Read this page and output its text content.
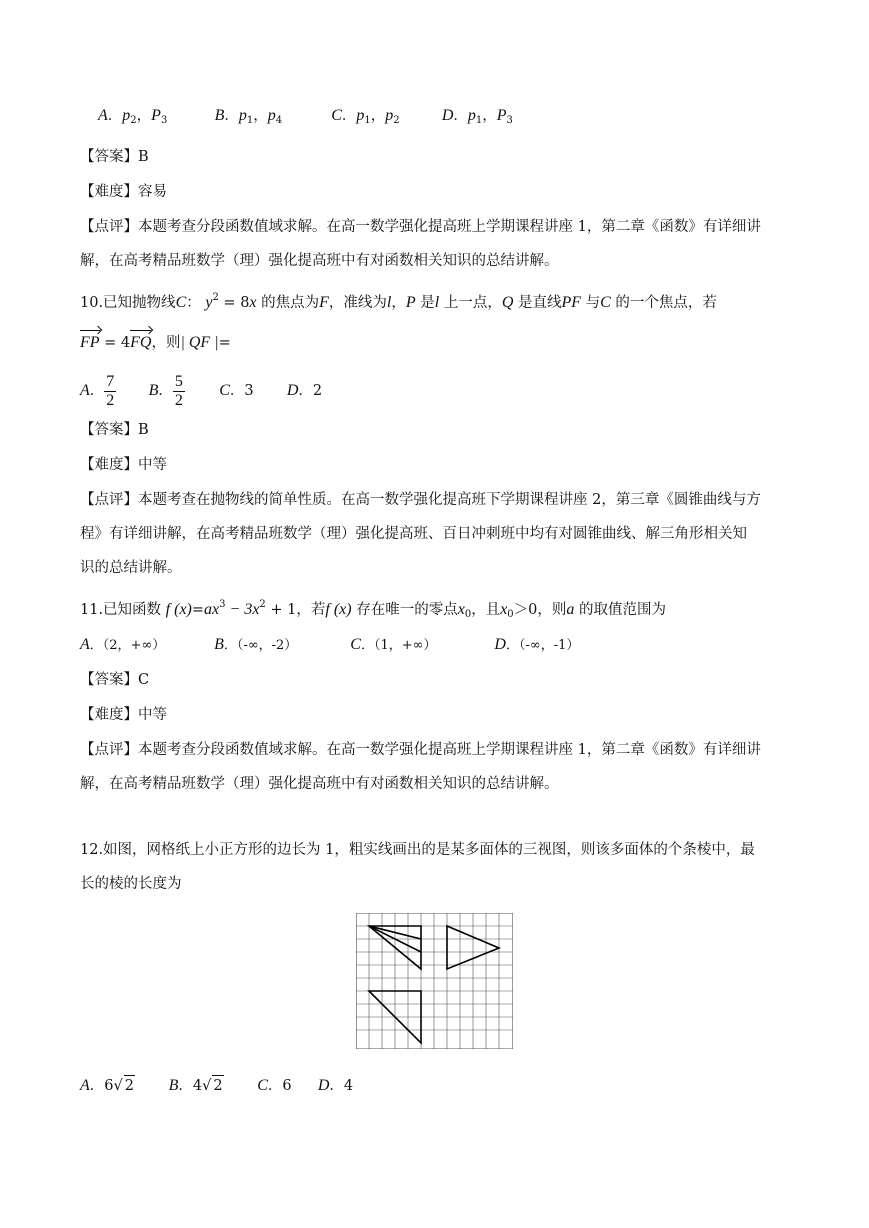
A．$p_2$，$P_3$	B．$p_1$，$p_4$	C．$p_1$，$p_2$	D．$p_1$，$P_3$
【答案】B
【难度】容易
【点评】本题考查分段函数值域求解。在高一数学强化提高班上学期课程讲座 1，第二章《函数》有详细讲
解，在高考精品班数学（理）强化提高班中有对函数相关知识的总结讲解。
10.已知抛物线C： $y^2 = 8x$ 的焦点为F，准线为l，P 是l 上一点，Q 是直线PF 与C 的一个焦点，若
FP = 4FQ，则| QF |=
A． $\frac{7}{2}$ B． $\frac{5}{2}$ C．3 D．2
【答案】B
【难度】中等
【点评】本题考查在抛物线的简单性质。在高一数学强化提高班下学期课程讲座 2，第三章《圆锥曲线与方
程》有详细讲解，在高考精品班数学（理）强化提高班、百日冲刺班中均有对圆锥曲线、解三角形相关知
识的总结讲解。
11.已知函数 f $(x)=ax^3 - 3x^2 + 1$，若f (x) 存在唯一的零点$x_0$，且$x_0>0$，则a 的取值范围为
A．（2，+∞）	B．（-∞，-2）	C．（1，+∞）	D．（-∞，-1）
【答案】C
【难度】中等
【点评】本题考查分段函数值域求解。在高一数学强化提高班上学期课程讲座 1，第二章《函数》有详细讲
解，在高考精品班数学（理）强化提高班中有对函数相关知识的总结讲解。
12.如图，网格纸上小正方形的边长为 1，粗实线画出的是某多面体的三视图，则该多面体的个条棱中，最
长的棱的长度为
A．6√ 2 B．4√ 2 C．6 D．4
